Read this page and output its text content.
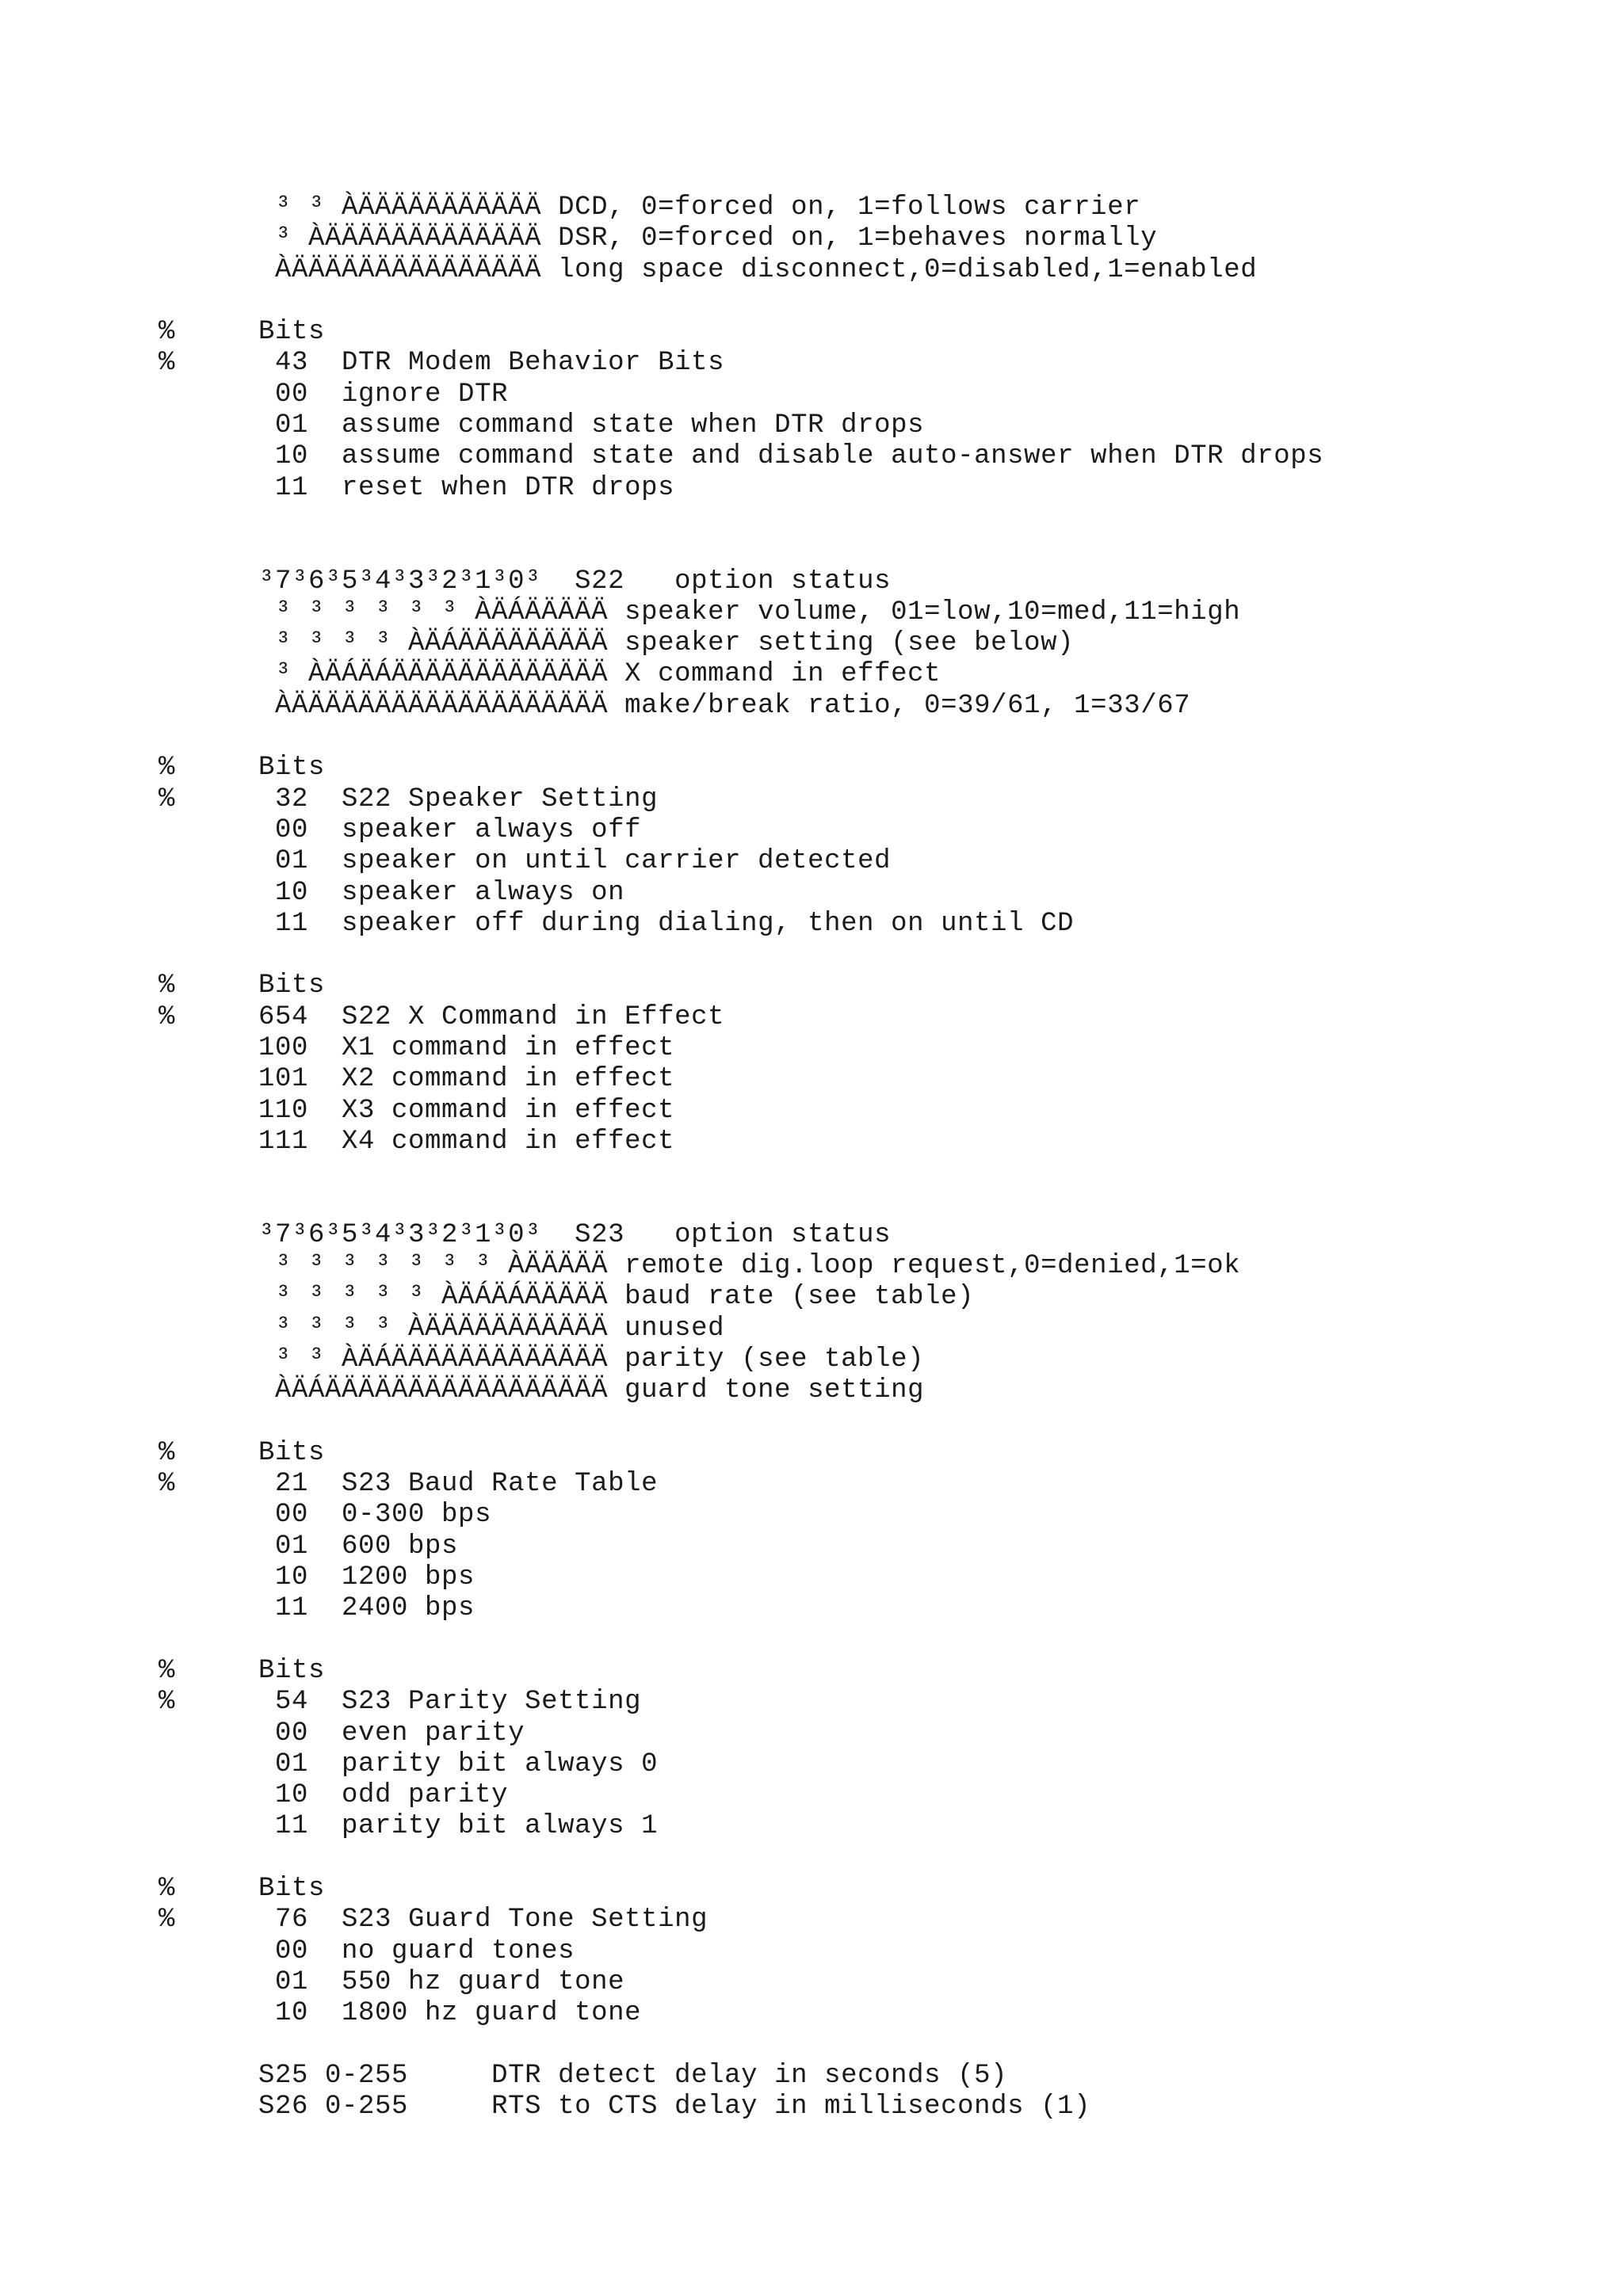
³ ³ ÀÄÄÄÄÄÄÄÄÄÄÄ DCD, 0=forced on, 1=follows carrier
³ ÀÄÄÄÄÄÄÄÄÄÄÄÄÄ DSR, 0=forced on, 1=behaves normally
ÀÄÄÄÄÄÄÄÄÄÄÄÄÄÄÄ long space disconnect,0=disabled,1=enabled
%     Bits
%      43  DTR Modem Behavior Bits
00  ignore DTR
01  assume command state when DTR drops
10  assume command state and disable auto-answer when DTR drops
11  reset when DTR drops
³7³6³5³4³3³2³1³0³  S22   option status
³ ³ ³ ³ ³ ³ ÀÄÁÄÄÄÄÄ speaker volume, 01=low,10=med,11=high
³ ³ ³ ³ ÀÄÁÄÄÄÄÄÄÄÄÄ speaker setting (see below)
³ ÀÄÁÄÁÄÄÄÄÄÄÄÄÄÄÄÄÄ X command in effect
ÀÄÄÄÄÄÄÄÄÄÄÄÄÄÄÄÄÄÄÄ make/break ratio, 0=39/61, 1=33/67
%     Bits
%      32  S22 Speaker Setting
00  speaker always off
01  speaker on until carrier detected
10  speaker always on
11  speaker off during dialing, then on until CD
%     Bits
%     654  S22 X Command in Effect
100  X1 command in effect
101  X2 command in effect
110  X3 command in effect
111  X4 command in effect
³7³6³5³4³3³2³1³0³  S23   option status
³ ³ ³ ³ ³ ³ ³ ÀÄÄÄÄÄ remote dig.loop request,0=denied,1=ok
³ ³ ³ ³ ³ ÀÄÁÄÁÄÄÄÄÄ baud rate (see table)
³ ³ ³ ³ ÀÄÄÄÄÄÄÄÄÄÄÄ unused
³ ³ ÀÄÁÄÄÄÄÄÄÄÄÄÄÄÄÄ parity (see table)
ÀÄÁÄÄÄÄÄÄÄÄÄÄÄÄÄÄÄÄÄ guard tone setting
%     Bits
%      21  S23 Baud Rate Table
00  0-300 bps
01  600 bps
10  1200 bps
11  2400 bps
%     Bits
%      54  S23 Parity Setting
00  even parity
01  parity bit always 0
10  odd parity
11  parity bit always 1
%     Bits
%      76  S23 Guard Tone Setting
00  no guard tones
01  550 hz guard tone
10  1800 hz guard tone
S25 0-255     DTR detect delay in seconds (5)
S26 0-255     RTS to CTS delay in milliseconds (1)
